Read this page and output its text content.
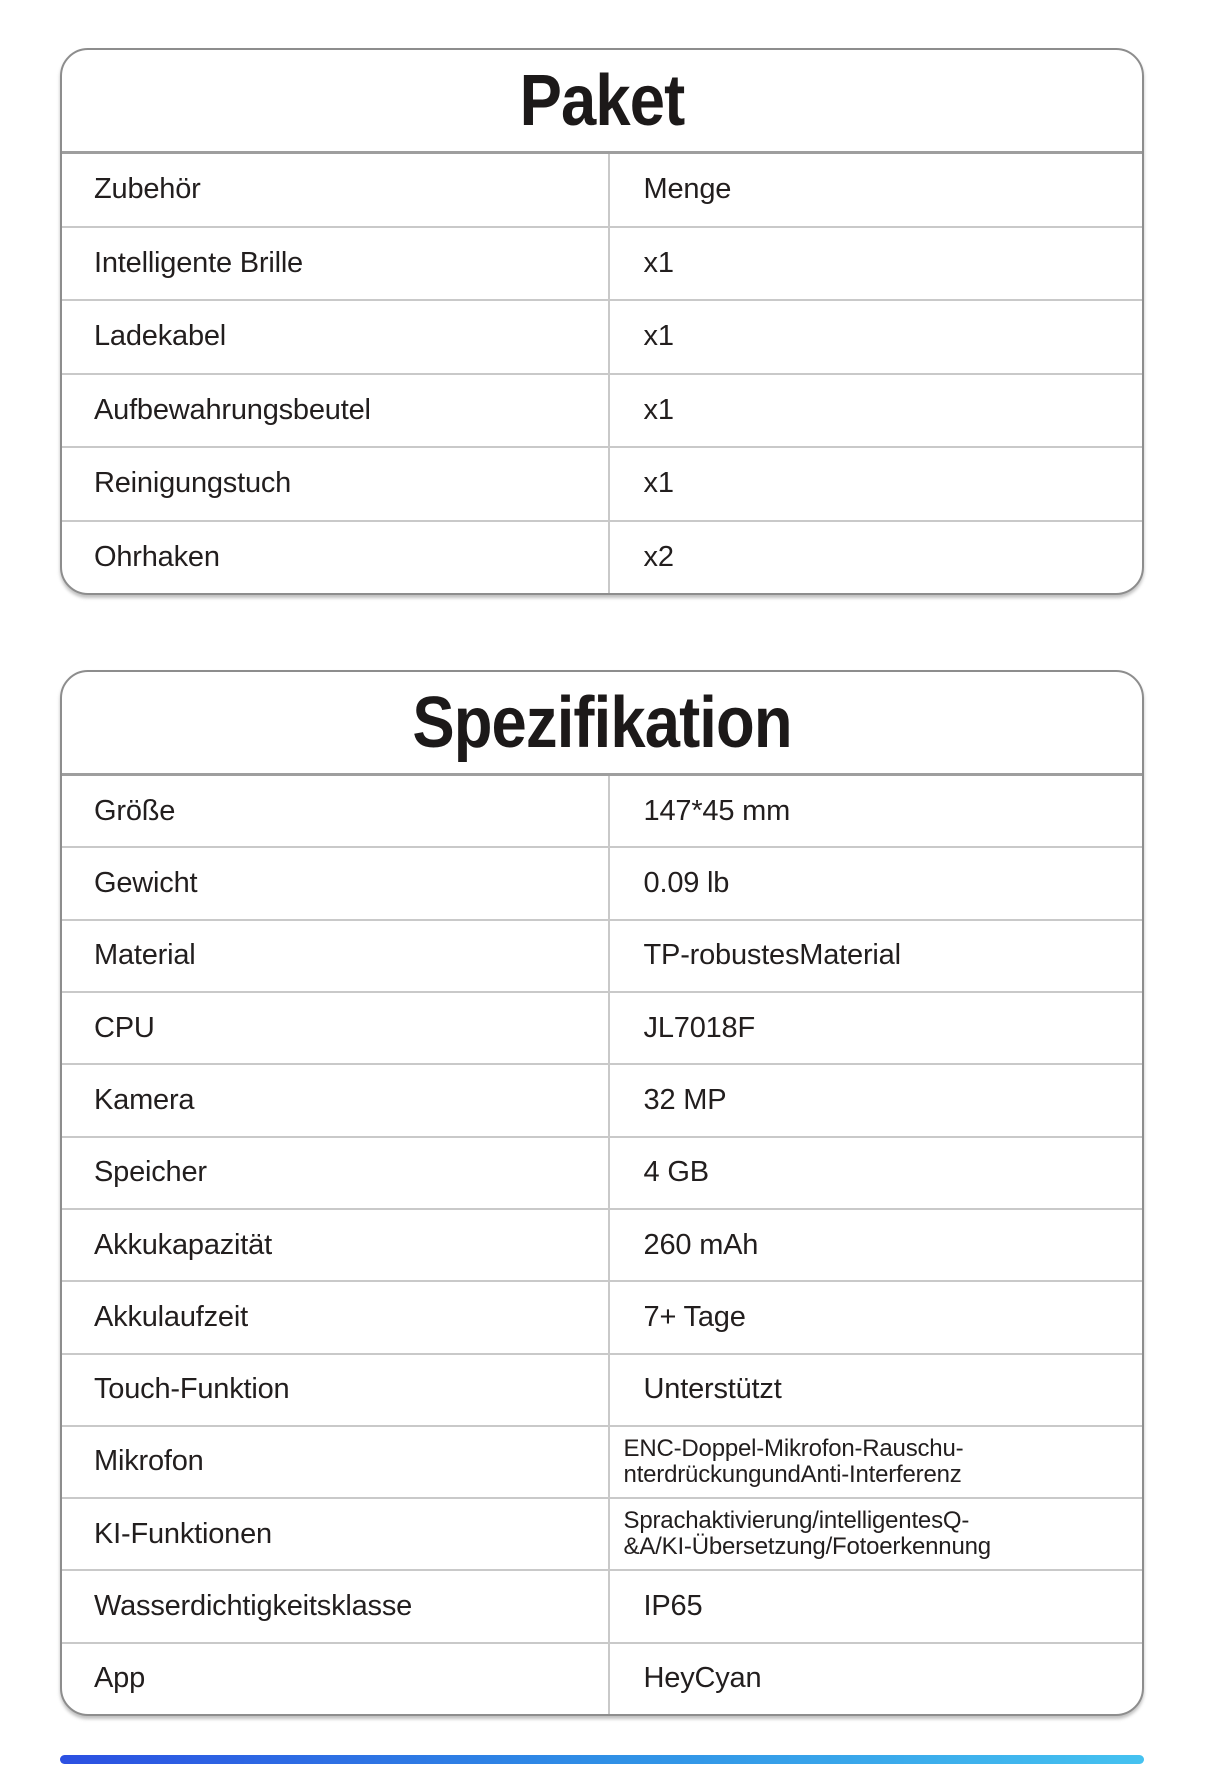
Paket
Zubehör	Menge
Intelligente Brille	x1
Ladekabel	x1
Aufbewahrungsbeutel	x1
Reinigungstuch	x1
Ohrhaken	x2
Spezifikation
Größe	147*45 mm
Gewicht	0.09 lb
Material	TP-robustesMaterial
CPU	JL7018F
Kamera	32 MP
Speicher	4 GB
Akkukapazität	260 mAh
Akkulaufzeit	7+ Tage
Touch-Funktion	Unterstützt
Mikrofon	ENC-Doppel-Mikrofon-Rauschu-
nterdrückungundAnti-Interferenz
KI-Funktionen	Sprachaktivierung/intelligentesQ-
&A/KI-Übersetzung/Fotoerkennung
Wasserdichtigkeitsklasse	IP65
App	HeyCyan
